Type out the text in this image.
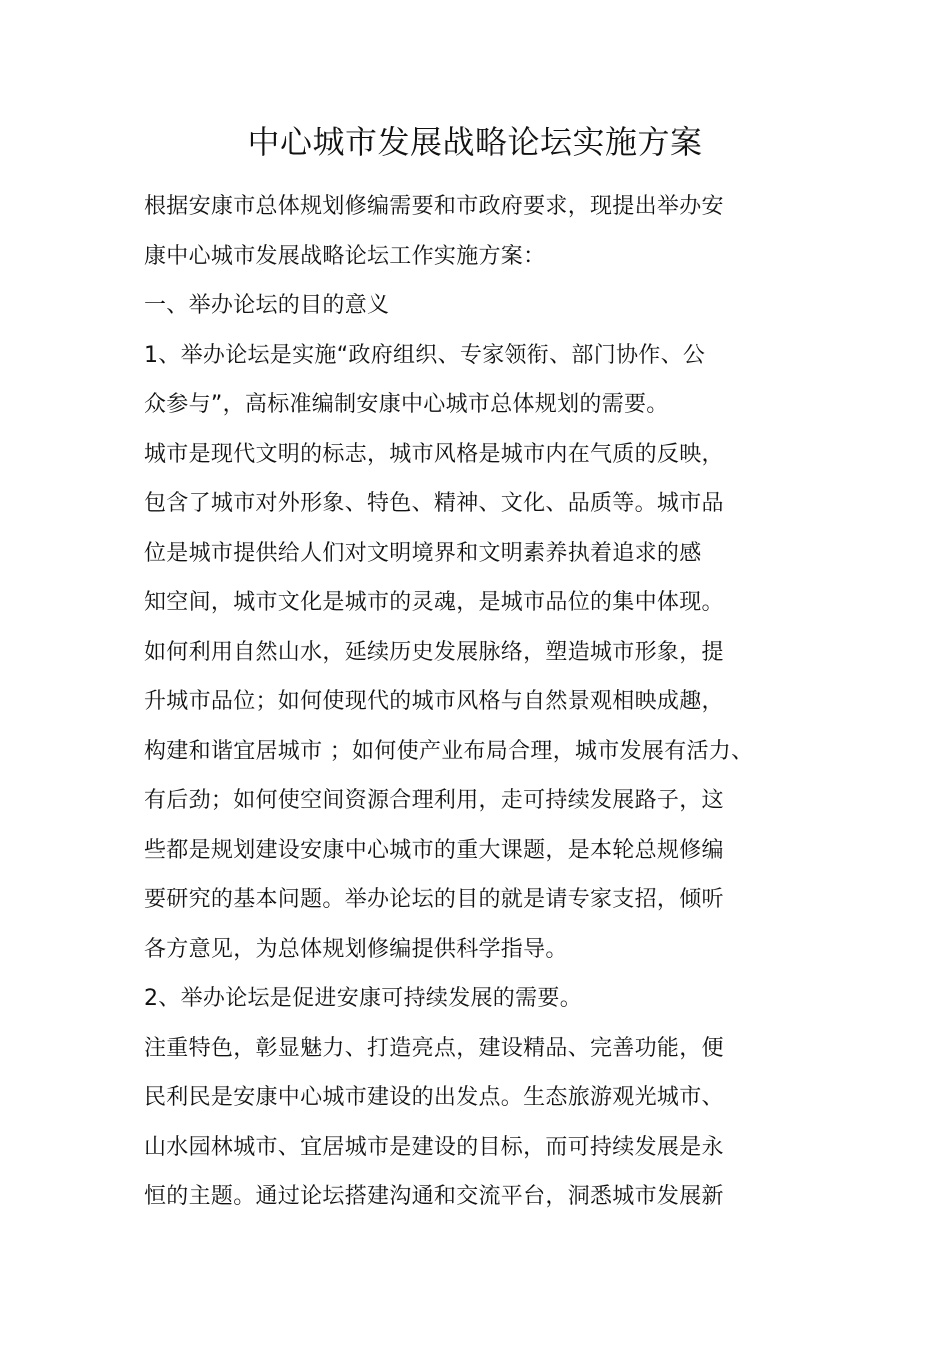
中心城市发展战略论坛实施方案
根据安康市总体规划修编需要和市政府要求，现提出举办安
康中心城市发展战略论坛工作实施方案：
一、举办论坛的目的意义
1、举办论坛是实施“政府组织、专家领衔、部门协作、公
众参与”，高标准编制安康中心城市总体规划的需要。
城市是现代文明的标志，城市风格是城市内在气质的反映，
包含了城市对外形象、特色、精神、文化、品质等。城市品
位是城市提供给人们对文明境界和文明素养执着追求的感
知空间，城市文化是城市的灵魂，是城市品位的集中体现。
如何利用自然山水，延续历史发展脉络，塑造城市形象，提
升城市品位；如何使现代的城市风格与自然景观相映成趣，
构建和谐宜居城市 ；如何使产业布局合理，城市发展有活力、
有后劲；如何使空间资源合理利用，走可持续发展路子，这
些都是规划建设安康中心城市的重大课题，是本轮总规修编
要研究的基本问题。举办论坛的目的就是请专家支招，倾听
各方意见，为总体规划修编提供科学指导。
2、举办论坛是促进安康可持续发展的需要。
注重特色，彰显魅力、打造亮点，建设精品、完善功能，便
民利民是安康中心城市建设的出发点。生态旅游观光城市、
山水园林城市、宜居城市是建设的目标，而可持续发展是永
恒的主题。通过论坛搭建沟通和交流平台，洞悉城市发展新
